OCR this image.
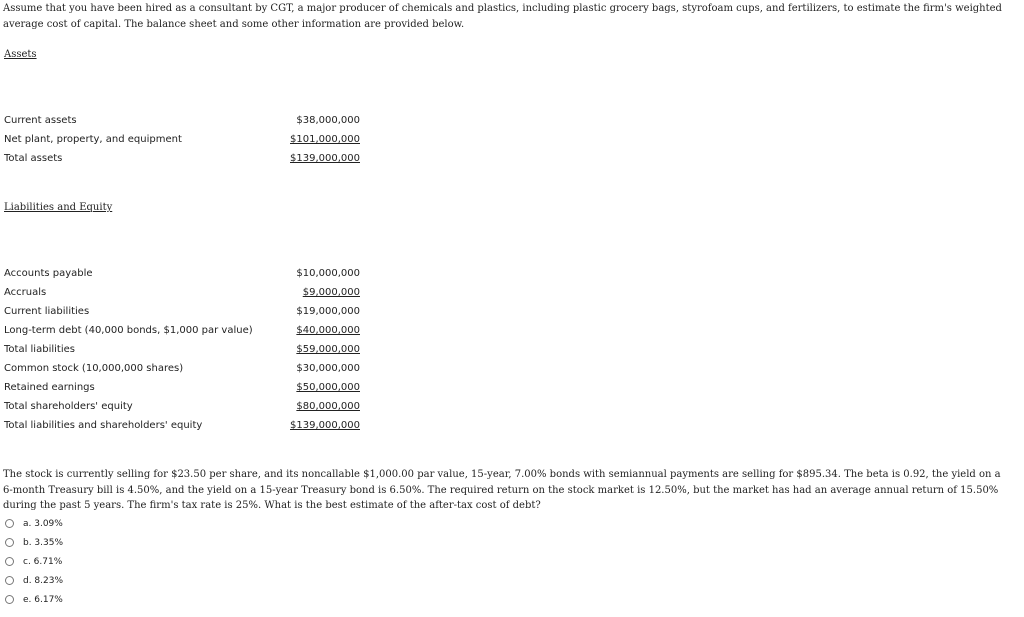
Assume that you have been hired as a consultant by CGT, a major producer of chemicals and plastics, including plastic grocery bags, styrofoam cups, and fertilizers, to estimate the firm's weighted average cost of capital. The balance sheet and some other information are provided below.
Assets
Current assets	$38,000,000
Net plant, property, and equipment	$101,000,000
Total assets	$139,000,000
Liabilities and Equity
Accounts payable	$10,000,000
Accruals	$9,000,000
Current liabilities	$19,000,000
Long-term debt (40,000 bonds, $1,000 par value)	$40,000,000
Total liabilities	$59,000,000
Common stock (10,000,000 shares)	$30,000,000
Retained earnings	$50,000,000
Total shareholders' equity	$80,000,000
Total liabilities and shareholders' equity	$139,000,000
The stock is currently selling for $23.50 per share, and its noncallable $1,000.00 par value, 15-year, 7.00% bonds with semiannual payments are selling for $895.34. The beta is 0.92, the yield on a 6-month Treasury bill is 4.50%, and the yield on a 15-year Treasury bond is 6.50%. The required return on the stock market is 12.50%, but the market has had an average annual return of 15.50% during the past 5 years. The firm's tax rate is 25%. What is the best estimate of the after-tax cost of debt?
a. 3.09%
b. 3.35%
c. 6.71%
d. 8.23%
e. 6.17%
